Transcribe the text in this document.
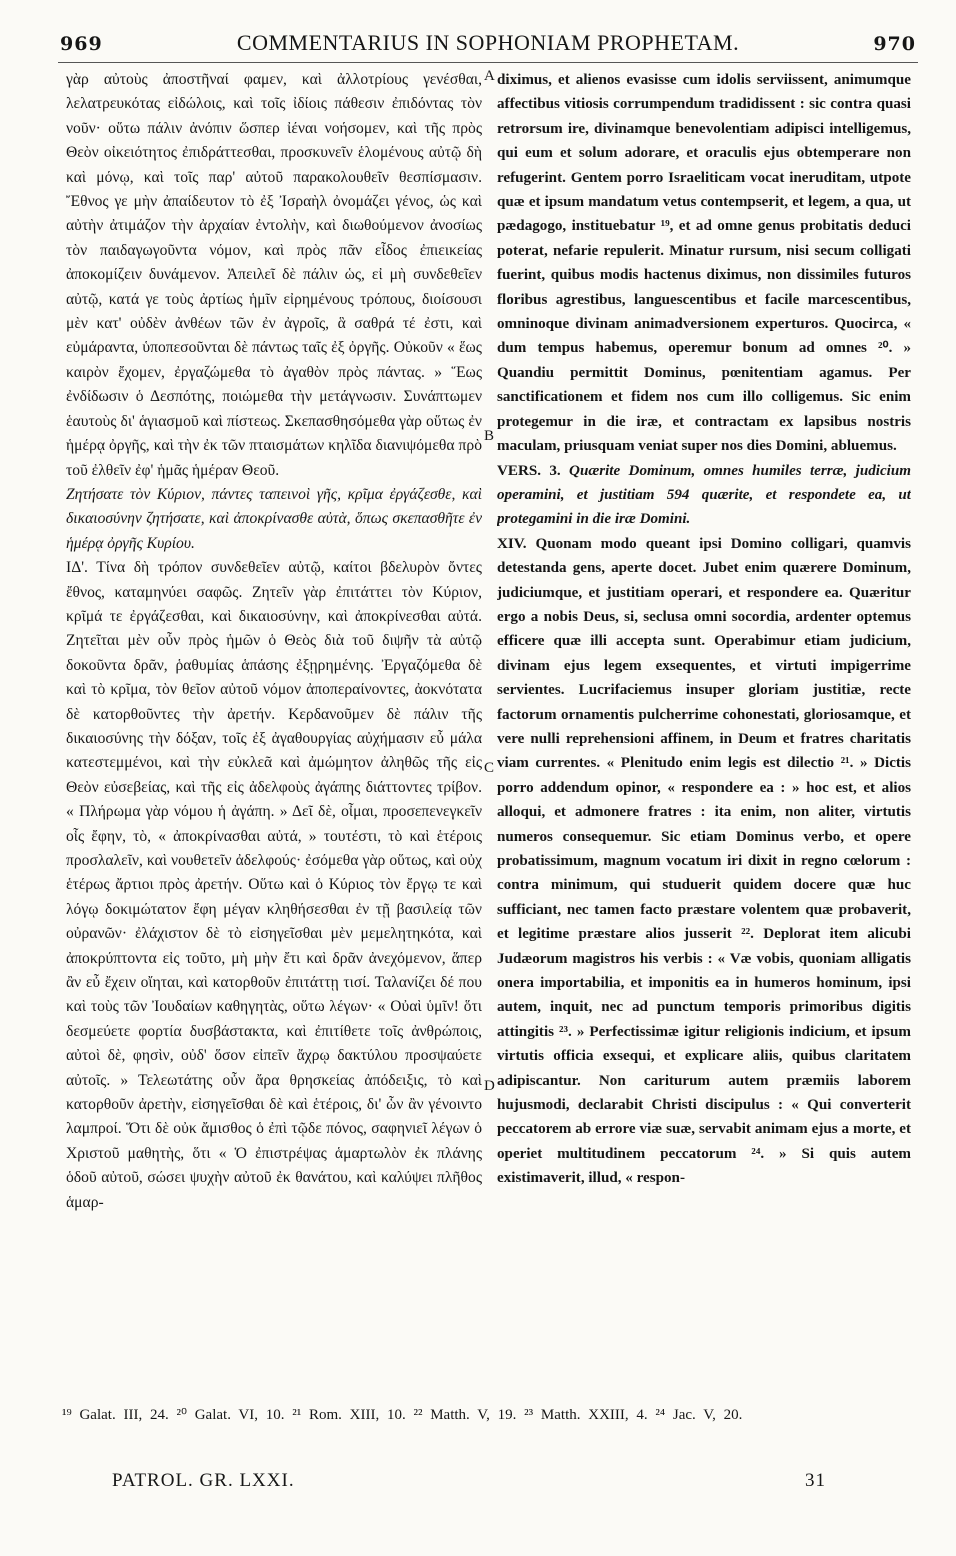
969	COMMENTARIUS IN SOPHONIAM PROPHETAM.	970

γὰρ αὐτοὺς ἀποστῆναί φαμεν, καὶ ἀλλοτρίους γενέσθαι, λελατρευκότας εἰδώλοις, καὶ τοῖς ἰδίοις πάθεσιν ἐπιδόντας τὸν νοῦν· οὕτω πάλιν ἀνόπιν ὥσπερ ἰέναι νοήσομεν, καὶ τῆς πρὸς Θεὸν οἰκειότητος ἐπιδράττεσθαι, προσκυνεῖν ἑλομένους αὐτῷ δὴ καὶ μόνῳ, καὶ τοῖς παρ' αὐτοῦ παρακολουθεῖν θεσπίσμασιν. Ἔθνος γε μὴν ἀπαίδευτον τὸ ἐξ Ἰσραὴλ ὀνομάζει γένος, ὡς καὶ αὐτὴν ἀτιμάζον τὴν ἀρχαίαν ἐντολὴν, καὶ διωθούμενον ἀνοσίως τὸν παιδαγωγοῦντα νόμον, καὶ πρὸς πᾶν εἶδος ἐπιεικείας ἀποκομίζειν δυνάμενον. Ἀπειλεῖ δὲ πάλιν ὡς, εἰ μὴ συνδεθεῖεν αὐτῷ, κατά γε τοὺς ἀρτίως ἡμῖν εἰρημένους τρόπους, διοίσουσι μὲν κατ' οὐδὲν ἀνθέων τῶν ἐν ἀγροῖς, ἃ σαθρά τέ ἐστι, καὶ εὐμάραντα, ὑποπεσοῦνται δὲ πάντως ταῖς ἐξ ὀργῆς. Οὐκοῦν « ἕως καιρὸν ἔχομεν, ἐργαζώμεθα τὸ ἀγαθὸν πρὸς πάντας. » Ἕως ἐνδίδωσιν ὁ Δεσπότης, ποιώμεθα τὴν μετάγνωσιν. Συνάπτωμεν ἑαυτοὺς δι' ἁγιασμοῦ καὶ πίστεως. Σκεπασθησόμεθα γὰρ οὕτως ἐν ἡμέρᾳ ὀργῆς, καὶ τὴν ἐκ τῶν πταισμάτων κηλῖδα διανιψόμεθα πρὸ τοῦ ἐλθεῖν ἐφ' ἡμᾶς ἡμέραν Θεοῦ.

Ζητήσατε τὸν Κύριον, πάντες ταπεινοὶ γῆς, κρῖμα ἐργάζεσθε, καὶ δικαιοσύνην ζητήσατε, καὶ ἀποκρίνασθε αὐτὰ, ὅπως σκεπασθῆτε ἐν ἡμέρᾳ ὀργῆς Κυρίου.

ΙΔ'. Τίνα δὴ τρόπον συνδεθεῖεν αὐτῷ, καίτοι βδελυρὸν ὄντες ἔθνος, καταμηνύει σαφῶς. Ζητεῖν γὰρ ἐπιτάττει τὸν Κύριον, κρῖμά τε ἐργάζεσθαι, καὶ δικαιοσύνην, καὶ ἀποκρίνεσθαι αὐτά. Ζητεῖται μὲν οὖν πρὸς ἡμῶν ὁ Θεὸς διὰ τοῦ διψῆν τὰ αὐτῷ δοκοῦντα δρᾶν, ῥαθυμίας ἁπάσης ἐξῃρημένης. Ἐργαζόμεθα δὲ καὶ τὸ κρῖμα, τὸν θεῖον αὐτοῦ νόμον ἀποπεραίνοντες, ἀοκνότατα δὲ κατορθοῦντες τὴν ἀρετήν. Κερδανοῦμεν δὲ πάλιν τῆς δικαιοσύνης τὴν δόξαν, τοῖς ἐξ ἀγαθουργίας αὐχήμασιν εὖ μάλα κατεστεμμένοι, καὶ τὴν εὐκλεᾶ καὶ ἀμώμητον ἀληθῶς τῆς εἰς Θεὸν εὐσεβείας, καὶ τῆς εἰς ἀδελφοὺς ἀγάπης διάττοντες τρίβον. « Πλήρωμα γὰρ νόμου ἡ ἀγάπη. » Δεῖ δὲ, οἶμαι, προσεπενεγκεῖν οἷς ἔφην, τὸ, « ἀποκρίνασθαι αὐτά, » τουτέστι, τὸ καὶ ἑτέροις προσλαλεῖν, καὶ νουθετεῖν ἀδελφούς· ἐσόμεθα γὰρ οὕτως, καὶ οὐχ ἑτέρως ἄρτιοι πρὸς ἀρετήν. Οὕτω καὶ ὁ Κύριος τὸν ἔργῳ τε καὶ λόγῳ δοκιμώτατον ἔφη μέγαν κληθήσεσθαι ἐν τῇ βασιλείᾳ τῶν οὐρανῶν· ἐλάχιστον δὲ τὸ εἰσηγεῖσθαι μὲν μεμελητηκότα, καὶ ἀποκρύπτοντα εἰς τοῦτο, μὴ μὴν ἔτι καὶ δρᾶν ἀνεχόμενον, ἅπερ ἂν εὖ ἔχειν οἴηται, καὶ κατορθοῦν ἐπιτάττῃ τισί. Ταλανίζει δέ που καὶ τοὺς τῶν Ἰουδαίων καθηγητὰς, οὕτω λέγων· « Οὐαὶ ὑμῖν! ὅτι δεσμεύετε φορτία δυσβάστακτα, καὶ ἐπιτίθετε τοῖς ἀνθρώποις, αὐτοὶ δὲ, φησὶν, οὐδ' ὅσον εἰπεῖν ἄχρῳ δακτύλου προσψαύετε αὐτοῖς. » Τελεωτάτης οὖν ἄρα θρησκείας ἀπόδειξις, τὸ καὶ κατορθοῦν ἀρετὴν, εἰσηγεῖσθαι δὲ καὶ ἑτέροις, δι' ὧν ἂν γένοιντο λαμπροί. Ὅτι δὲ οὐκ ἄμισθος ὁ ἐπὶ τῷδε πόνος, σαφηνιεῖ λέγων ὁ Χριστοῦ μαθητὴς, ὅτι « Ὁ ἐπιστρέψας ἁμαρτωλὸν ἐκ πλάνης ὁδοῦ αὐτοῦ, σώσει ψυχὴν αὐτοῦ ἐκ θανάτου, καὶ καλύψει πλῆθος ἁμαρ-

A
B
C
D

diximus, et alienos evasisse cum idolis serviissent, animumque affectibus vitiosis corrumpendum tradidissent : sic contra quasi retrorsum ire, divinamque benevolentiam adipisci intelligemus, qui eum et solum adorare, et oraculis ejus obtemperare non refugerint. Gentem porro Israeliticam vocat ineruditam, utpote quæ et ipsum mandatum vetus contempserit, et legem, a qua, ut pædagogo, instituebatur ¹⁹, et ad omne genus probitatis deduci poterat, nefarie repulerit. Minatur rursum, nisi secum colligati fuerint, quibus modis hactenus diximus, non dissimiles futuros floribus agrestibus, languescentibus et facile marcescentibus, omninoque divinam animadversionem experturos. Quocirca, « dum tempus habemus, operemur bonum ad omnes ²⁰. » Quandiu permittit Dominus, pœnitentiam agamus. Per sanctificationem et fidem nos cum illo colligemus. Sic enim protegemur in die iræ, et contractam ex lapsibus nostris maculam, priusquam veniat super nos dies Domini, abluemus.

VERS. 3. Quærite Dominum, omnes humiles terræ, judicium operamini, et justitiam 594 quærite, et respondete ea, ut protegamini in die iræ Domini.

XIV. Quonam modo queant ipsi Domino colligari, quamvis detestanda gens, aperte docet. Jubet enim quærere Dominum, judiciumque, et justitiam operari, et respondere ea. Quæritur ergo a nobis Deus, si, seclusa omni socordia, ardenter optemus efficere quæ illi accepta sunt. Operabimur etiam judicium, divinam ejus legem exsequentes, et virtuti impigerrime servientes. Lucrifaciemus insuper gloriam justitiæ, recte factorum ornamentis pulcherrime cohonestati, gloriosamque, et vere nulli reprehensioni affinem, in Deum et fratres charitatis viam currentes. « Plenitudo enim legis est dilectio ²¹. » Dictis porro addendum opinor, « respondere ea : » hoc est, et alios alloqui, et admonere fratres : ita enim, non aliter, virtutis numeros consequemur. Sic etiam Dominus verbo, et opere probatissimum, magnum vocatum iri dixit in regno cœlorum : contra minimum, qui studuerit quidem docere quæ huc sufficiant, nec tamen facto præstare volentem quæ probaverit, et legitime præstare alios jusserit ²². Deplorat item alicubi Judæorum magistros his verbis : « Væ vobis, quoniam alligatis onera importabilia, et imponitis ea in humeros hominum, ipsi autem, inquit, nec ad punctum temporis primoribus digitis attingitis ²³. » Perfectissimæ igitur religionis indicium, et ipsum virtutis officia exsequi, et explicare aliis, quibus claritatem adipiscantur. Non cariturum autem præmiis laborem hujusmodi, declarabit Christi discipulus : « Qui converterit peccatorem ab errore viæ suæ, servabit animam ejus a morte, et operiet multitudinem peccatorum ²⁴. » Si quis autem existimaverit, illud, « respon-

¹⁹ Galat. III, 24. ²⁰ Galat. VI, 10. ²¹ Rom. XIII, 10. ²² Matth. V, 19. ²³ Matth. XXIII, 4. ²⁴ Jac. V, 20.
PATROL. GR. LXXI.	31
